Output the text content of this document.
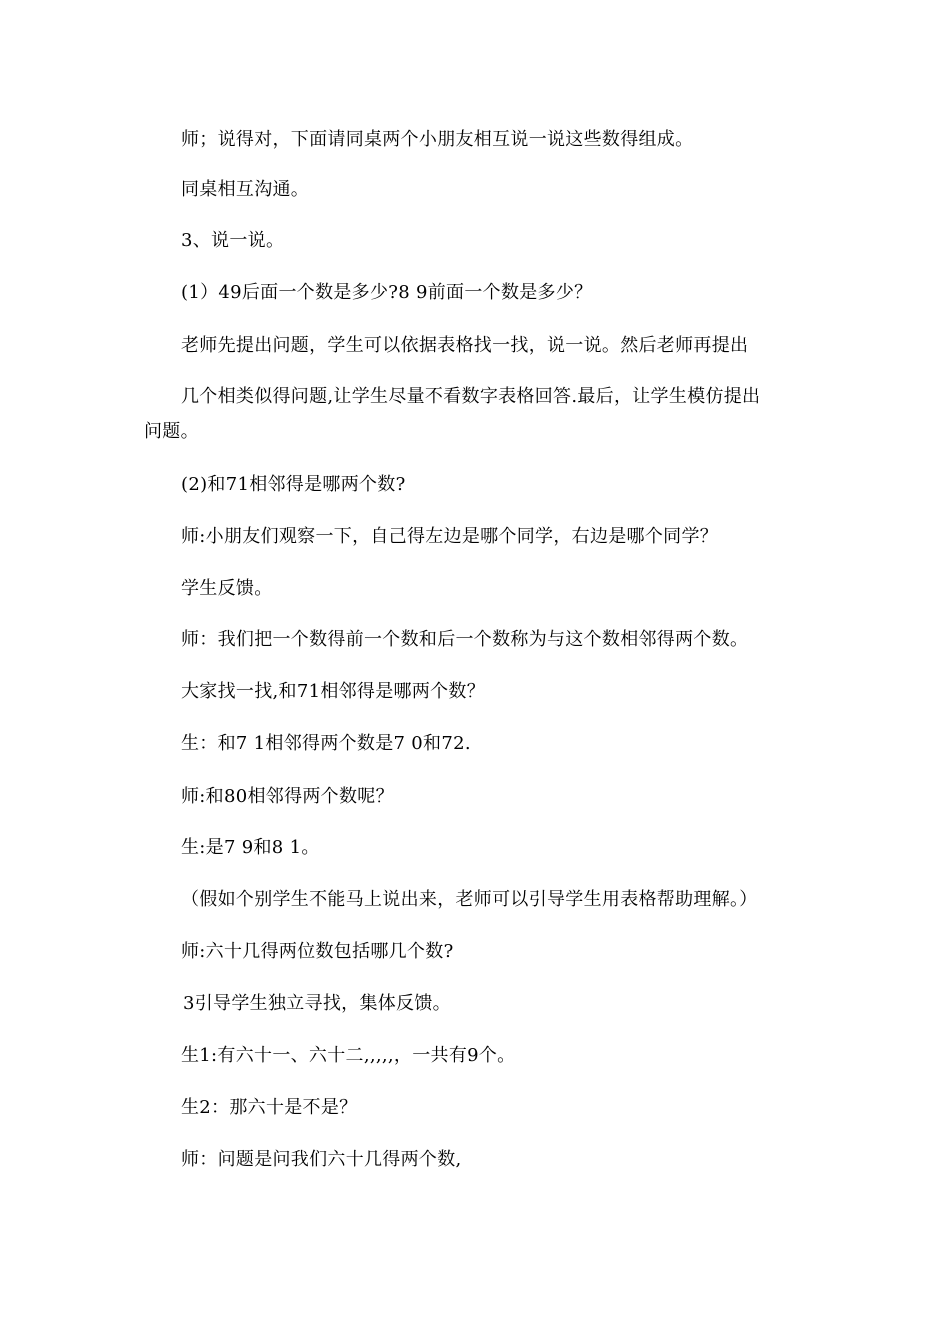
师；说得对，下面请同桌两个小朋友相互说一说这些数得组成。
同桌相互沟通。
3、说一说。
(1）49后面一个数是多少?8 9前面一个数是多少？
老师先提出问题，学生可以依据表格找一找，说一说。然后老师再提出
几个相类似得问题,让学生尽量不看数字表格回答.最后，让学生模仿提出
问题。
(2)和71相邻得是哪两个数?
师:小朋友们观察一下，自己得左边是哪个同学，右边是哪个同学？
学生反馈。
师：我们把一个数得前一个数和后一个数称为与这个数相邻得两个数。
大家找一找,和71相邻得是哪两个数？
生：和7 1相邻得两个数是7 0和72.
师:和80相邻得两个数呢？
生:是7 9和8 1。
（假如个别学生不能马上说出来，老师可以引导学生用表格帮助理解。）
师:六十几得两位数包括哪几个数?
3引导学生独立寻找，集体反馈。
生1:有六十一、六十二,,,,,，一共有9个。
生2：那六十是不是？
师：问题是问我们六十几得两个数,
